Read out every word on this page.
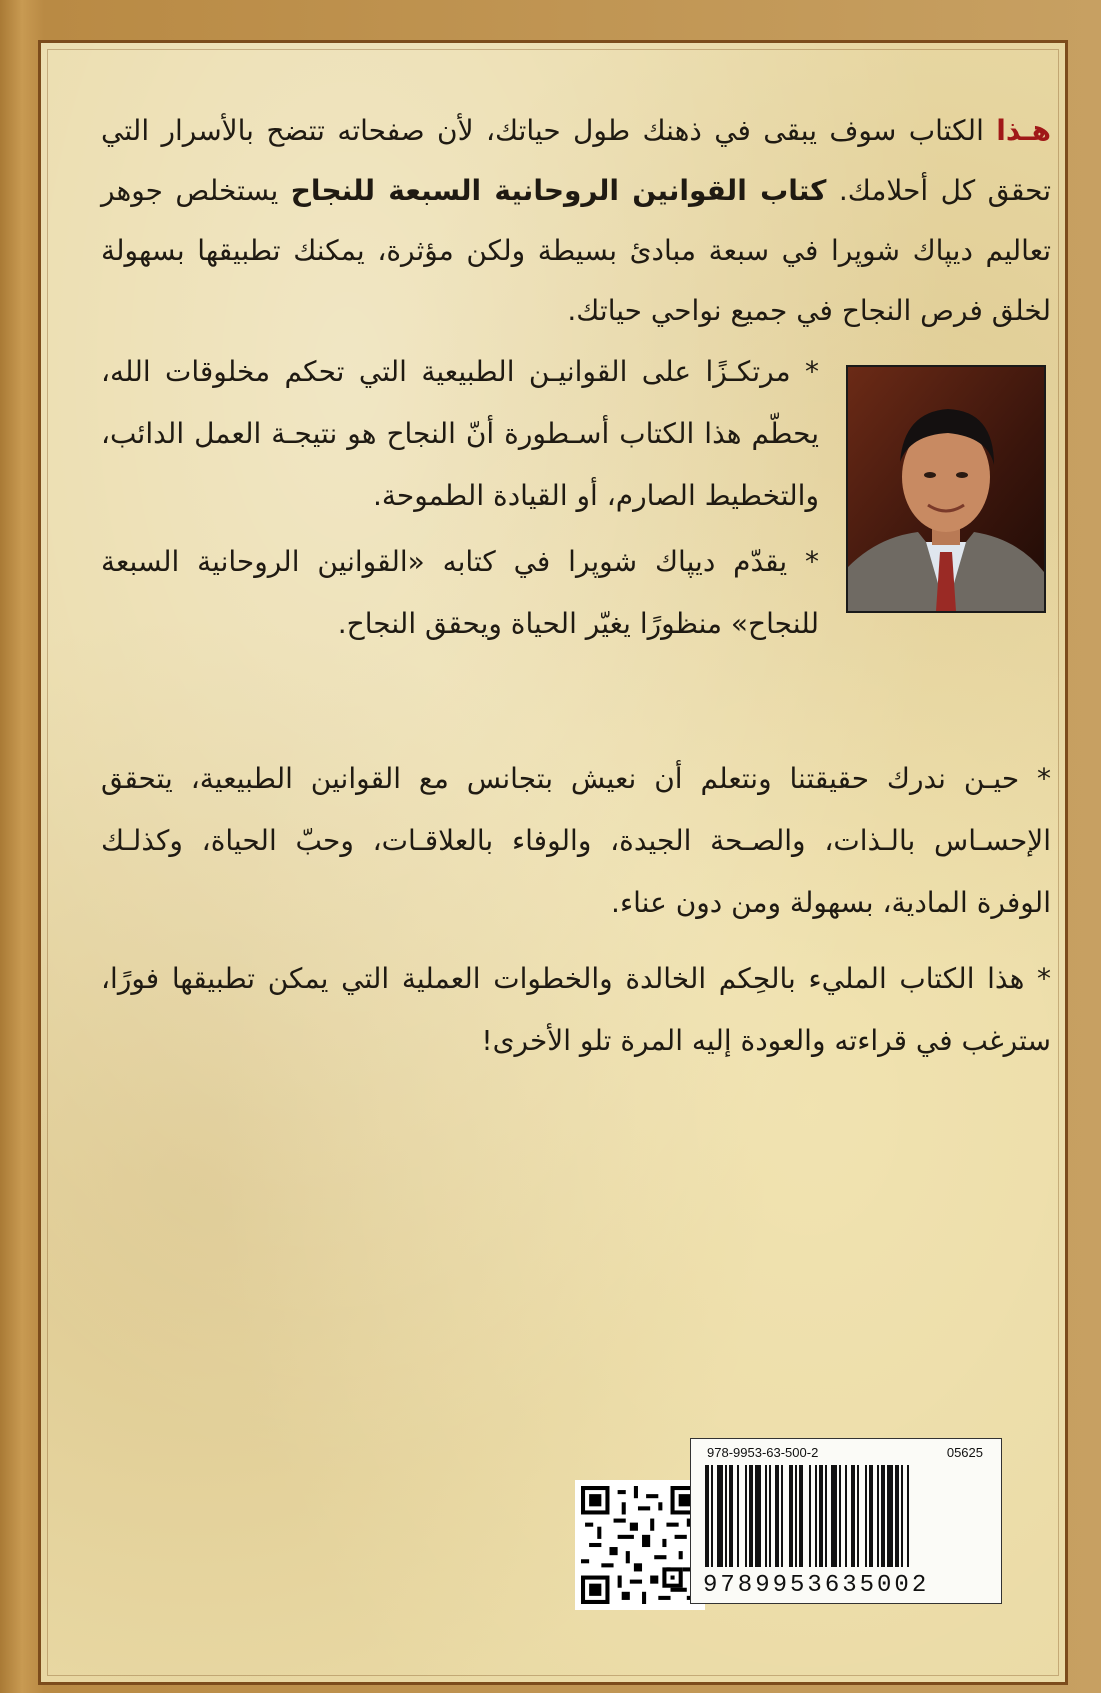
هـذا الكتاب سوف يبقى في ذهنك طول حياتك، لأن صفحاته تتضح بالأسرار التي تحقق كل أحلامك. كتاب القوانين الروحانية السبعة للنجاح يستخلص جوهر تعاليم ديپاك شوپرا في سبعة مبادئ بسيطة ولكن مؤثرة، يمكنك تطبيقها بسهولة لخلق فرص النجاح في جميع نواحي حياتك.
* مرتكـزًا على القوانيـن الطبيعية التي تحكم مخلوقات الله، يحطّم هذا الكتاب أسـطورة أنّ النجاح هو نتيجـة العمل الدائب، والتخطيط الصارم، أو القيادة الطموحة.
* يقدّم ديپاك شوپرا في كتابه «القوانين الروحانية السبعة للنجاح» منظورًا يغيّر الحياة ويحقق النجاح.
* حيـن ندرك حقيقتنا ونتعلم أن نعيش بتجانس مع القوانين الطبيعية، يتحقق الإحسـاس بالـذات، والصـحة الجيدة، والوفاء بالعلاقـات، وحبّ الحياة، وكذلـك الوفرة المادية، بسهولة ومن دون عناء.
* هذا الكتاب المليء بالحِكم الخالدة والخطوات العملية التي يمكن تطبيقها فورًا، سترغب في قراءته والعودة إليه المرة تلو الأخرى!
978-9953-63-500-2	05625
9789953635002
